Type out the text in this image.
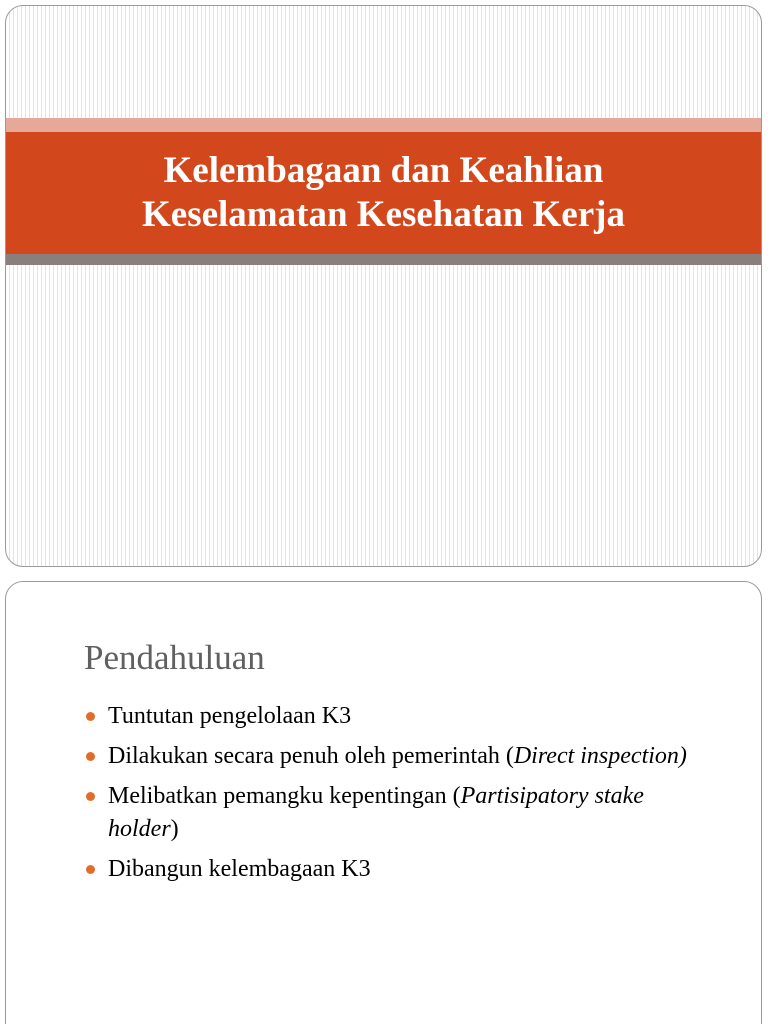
Kelembagaan dan Keahlian
Keselamatan Kesehatan Kerja
Pendahuluan
Tuntutan pengelolaan K3
Dilakukan secara penuh oleh pemerintah (Direct inspection)
Melibatkan pemangku kepentingan (Partisipatory stake holder)
Dibangun kelembagaan K3
